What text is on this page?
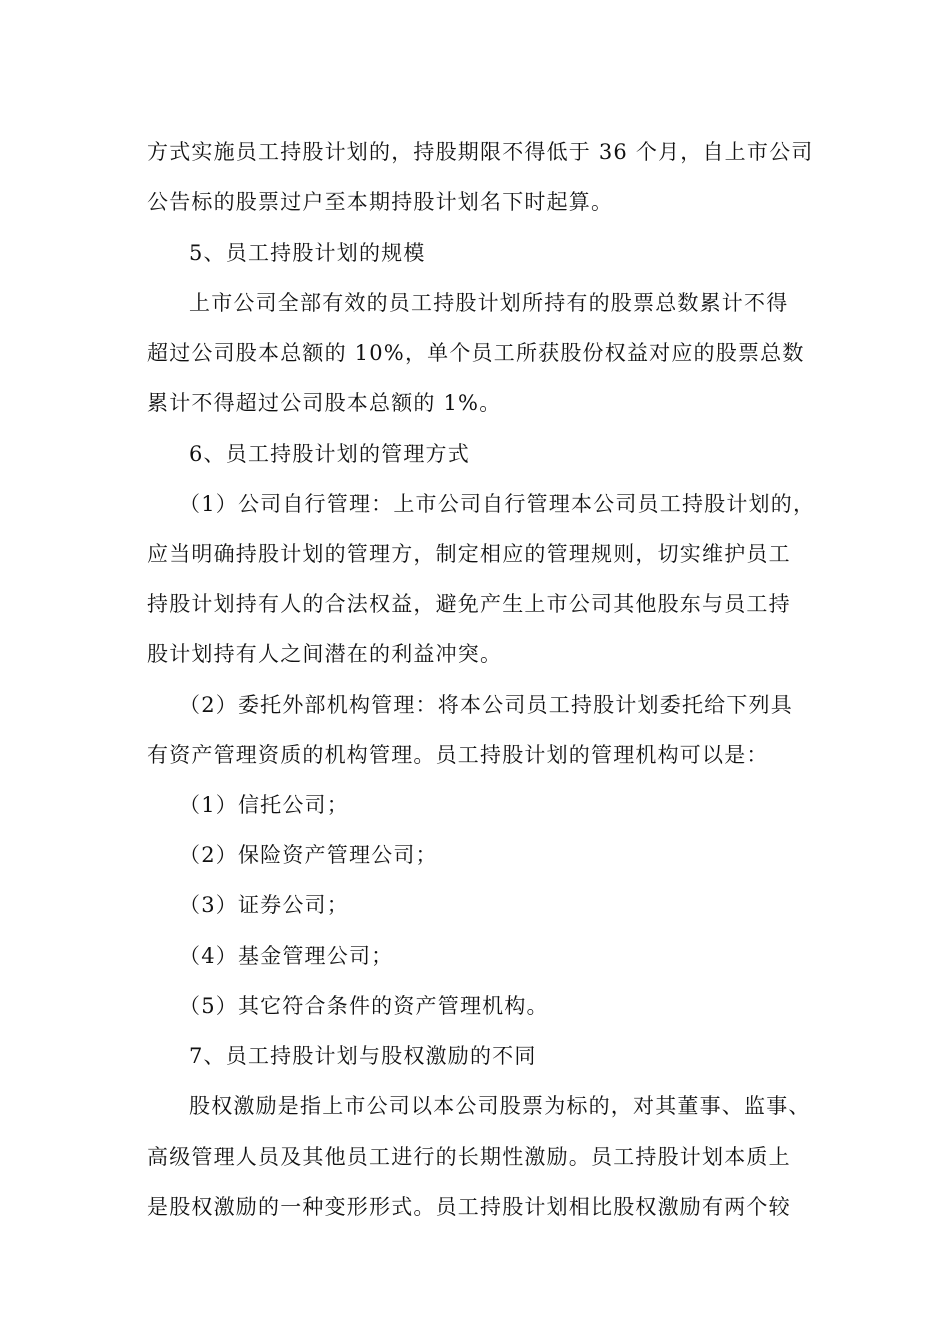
方式实施员工持股计划的，持股期限不得低于 36 个月，自上市公司
公告标的股票过户至本期持股计划名下时起算。
5、员工持股计划的规模
上市公司全部有效的员工持股计划所持有的股票总数累计不得
超过公司股本总额的 10%，单个员工所获股份权益对应的股票总数
累计不得超过公司股本总额的 1%。
6、员工持股计划的管理方式
（1）公司自行管理：上市公司自行管理本公司员工持股计划的，
应当明确持股计划的管理方，制定相应的管理规则，切实维护员工
持股计划持有人的合法权益，避免产生上市公司其他股东与员工持
股计划持有人之间潜在的利益冲突。
（2）委托外部机构管理：将本公司员工持股计划委托给下列具
有资产管理资质的机构管理。员工持股计划的管理机构可以是：
（1）信托公司；
（2）保险资产管理公司；
（3）证券公司；
（4）基金管理公司；
（5）其它符合条件的资产管理机构。
7、员工持股计划与股权激励的不同
股权激励是指上市公司以本公司股票为标的，对其董事、监事、
高级管理人员及其他员工进行的长期性激励。员工持股计划本质上
是股权激励的一种变形形式。员工持股计划相比股权激励有两个较
